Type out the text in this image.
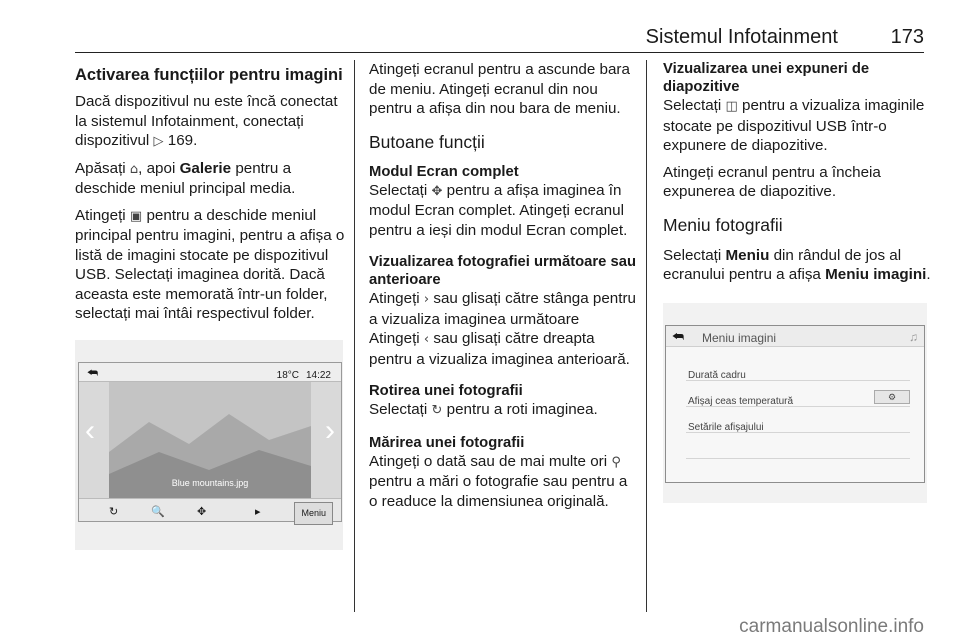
Sistemul Infotainment	173
Activarea funcțiilor pentru imagini

Dacă dispozitivul nu este încă conectat la sistemul Infotainment, conectați dispozitivul ▷ 169.

Apăsați ⌂, apoi Galerie pentru a deschide meniul principal media.

Atingeți ▣ pentru a deschide meniul principal pentru imagini, pentru a afișa o listă de imagini stocate pe dispozitivul USB. Selectați imaginea dorită. Dacă aceasta este memorată într-un folder, selectați mai întâi respectivul folder.

⮪	18°C 14:22
Blue mountains.jpg
‹	›
↻	🔍	✥	▸	Meniu

Atingeți ecranul pentru a ascunde bara de meniu. Atingeți ecranul din nou pentru a afișa din nou bara de meniu.

Butoane funcții
Modul Ecran complet

Selectați ✥ pentru a afișa imaginea în modul Ecran complet. Atingeți ecranul pentru a ieși din modul Ecran complet.

Vizualizarea fotografiei următoare sau anterioare

Atingeți › sau glisați către stânga pentru a vizualiza imaginea următoare

Atingeți ‹ sau glisați către dreapta pentru a vizualiza imaginea anterioară.

Rotirea unei fotografii

Selectați ↻ pentru a roti imaginea.

Mărirea unei fotografii

Atingeți o dată sau de mai multe ori ⚲ pentru a mări o fotografie sau pentru a o readuce la dimensiunea originală.

Vizualizarea unei expuneri de diapozitive

Selectați ◫ pentru a vizualiza imaginile stocate pe dispozitivul USB într-o expunere de diapozitive.

Atingeți ecranul pentru a încheia expunerea de diapozitive.

Meniu fotografii

Selectați Meniu din rândul de jos al ecranului pentru a afișa Meniu imagini.

⮪ Meniu imagini	♫
Durată cadru
Afișaj ceas temperatură	⚙
Setările afișajului
carmanualsonline.info
